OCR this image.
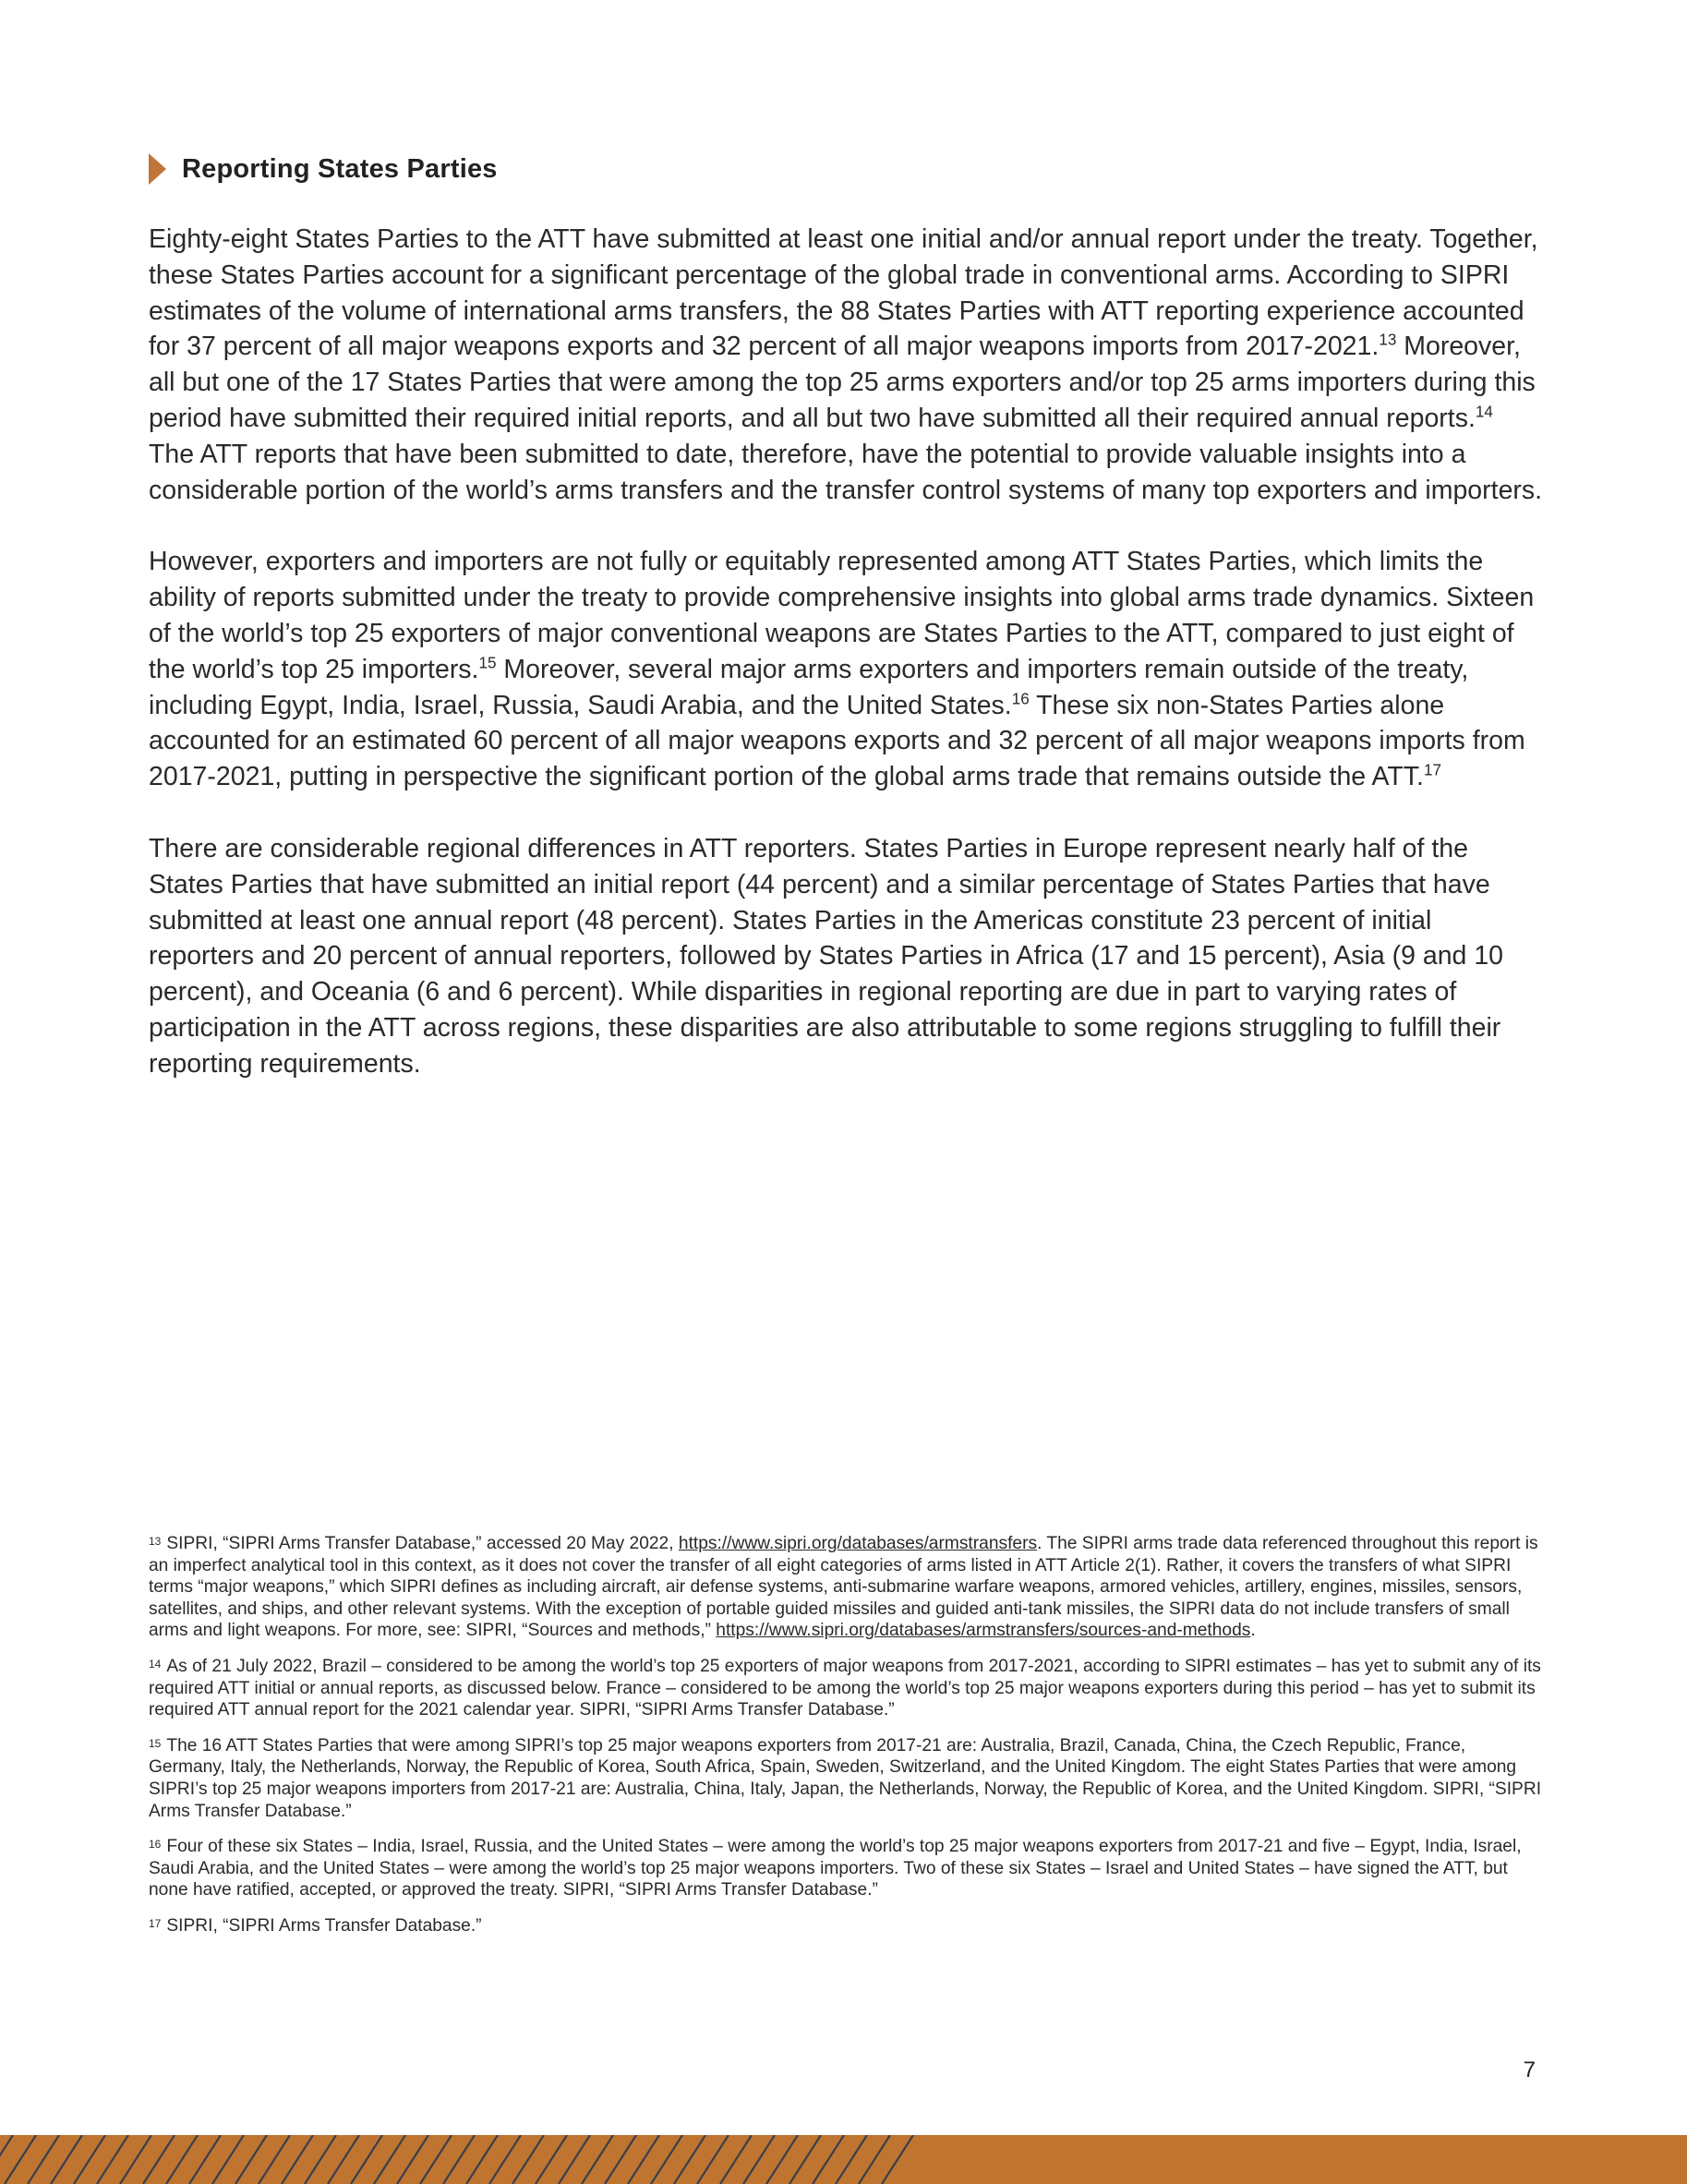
Reporting States Parties

Eighty-eight States Parties to the ATT have submitted at least one initial and/or annual report under the treaty. Together, these States Parties account for a significant percentage of the global trade in conventional arms. According to SIPRI estimates of the volume of international arms transfers, the 88 States Parties with ATT reporting experience accounted for 37 percent of all major weapons exports and 32 percent of all major weapons imports from 2017-2021.13 Moreover, all but one of the 17 States Parties that were among the top 25 arms exporters and/or top 25 arms importers during this period have submitted their required initial reports, and all but two have submitted all their required annual reports.$^{14}$ The ATT reports that have been submitted to date, therefore, have the potential to provide valuable insights into a considerable portion of the world’s arms transfers and the transfer control systems of many top exporters and importers.

However, exporters and importers are not fully or equitably represented among ATT States Parties, which limits the ability of reports submitted under the treaty to provide comprehensive insights into global arms trade dynamics. Sixteen of the world’s top 25 exporters of major conventional weapons are States Parties to the ATT, compared to just eight of the world’s top 25 importers.$^{15}$ Moreover, several major arms exporters and importers remain outside of the treaty, including Egypt, India, Israel, Russia, Saudi Arabia, and the United States.$^{16}$ These six non-States Parties alone accounted for an estimated 60 percent of all major weapons exports and 32 percent of all major weapons imports from 2017-2021, putting in perspective the significant portion of the global arms trade that remains outside the ATT.$^{17}$

There are considerable regional differences in ATT reporters. States Parties in Europe represent nearly half of the States Parties that have submitted an initial report (44 percent) and a similar percentage of States Parties that have submitted at least one annual report (48 percent). States Parties in the Americas constitute 23 percent of initial reporters and 20 percent of annual reporters, followed by States Parties in Africa (17 and 15 percent), Asia (9 and 10 percent), and Oceania (6 and 6 percent). While disparities in regional reporting are due in part to varying rates of participation in the ATT across regions, these disparities are also attributable to some regions struggling to fulfill their reporting requirements.

$^{13}$ SIPRI, “SIPRI Arms Transfer Database,” accessed 20 May 2022, https://www.sipri.org/databases/armstransfers. The SIPRI arms trade data referenced throughout this report is an imperfect analytical tool in this context, as it does not cover the transfer of all eight categories of arms listed in ATT Article 2(1). Rather, it covers the transfers of what SIPRI terms “major weapons,” which SIPRI defines as including aircraft, air defense systems, anti-submarine warfare weapons, armored vehicles, artillery, engines, missiles, sensors, satellites, and ships, and other relevant systems. With the exception of portable guided missiles and guided anti-tank missiles, the SIPRI data do not include transfers of small arms and light weapons. For more, see: SIPRI, “Sources and methods,” https://www.sipri.org/databases/armstransfers/sources-and-methods.
$^{14}$ As of 21 July 2022, Brazil – considered to be among the world’s top 25 exporters of major weapons from 2017-2021, according to SIPRI estimates – has yet to submit any of its required ATT initial or annual reports, as discussed below. France – considered to be among the world’s top 25 major weapons exporters during this period – has yet to submit its required ATT annual report for the 2021 calendar year. SIPRI, “SIPRI Arms Transfer Database.”
$^{15}$ The 16 ATT States Parties that were among SIPRI’s top 25 major weapons exporters from 2017-21 are: Australia, Brazil, Canada, China, the Czech Republic, France, Germany, Italy, the Netherlands, Norway, the Republic of Korea, South Africa, Spain, Sweden, Switzerland, and the United Kingdom. The eight States Parties that were among SIPRI’s top 25 major weapons importers from 2017-21 are: Australia, China, Italy, Japan, the Netherlands, Norway, the Republic of Korea, and the United Kingdom. SIPRI, “SIPRI Arms Transfer Database.”
$^{16}$ Four of these six States – India, Israel, Russia, and the United States – were among the world’s top 25 major weapons exporters from 2017-21 and five – Egypt, India, Israel, Saudi Arabia, and the United States – were among the world’s top 25 major weapons importers. Two of these six States – Israel and United States – have signed the ATT, but none have ratified, accepted, or approved the treaty. SIPRI, “SIPRI Arms Transfer Database.”
$^{17}$ SIPRI, “SIPRI Arms Transfer Database.”
7
